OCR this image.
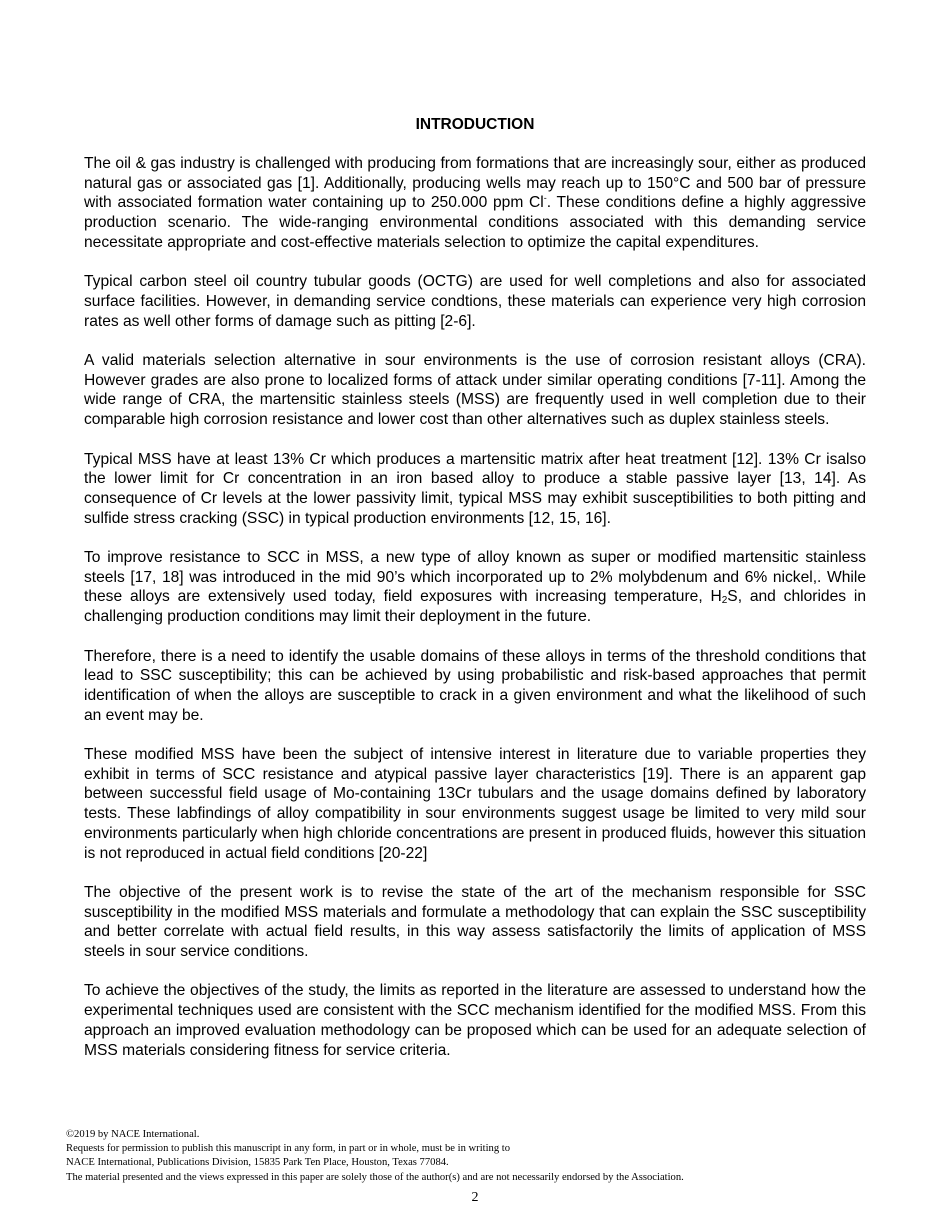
INTRODUCTION

The oil & gas industry is challenged with producing from formations that are increasingly sour, either as produced natural gas or associated gas [1]. Additionally, producing wells may reach up to 150°C and 500 bar of pressure with associated formation water containing up to 250.000 ppm Cl-. These conditions define a highly aggressive production scenario. The wide-ranging environmental conditions associated with this demanding service necessitate appropriate and cost-effective materials selection to optimize the capital expenditures.

Typical carbon steel oil country tubular goods (OCTG) are used for well completions and also for associated surface facilities. However, in demanding service condtions, these materials can experience very high corrosion rates as well other forms of damage such as pitting [2-6].

A valid materials selection alternative in sour environments is the use of corrosion resistant alloys (CRA). However grades are also prone to localized forms of attack under similar operating conditions [7-11]. Among the wide range of CRA, the martensitic stainless steels (MSS) are frequently used in well completion due to their comparable high corrosion resistance and lower cost than other alternatives such as duplex stainless steels.

Typical MSS have at least 13% Cr which produces a martensitic matrix after heat treatment [12]. 13% Cr isalso the lower limit for Cr concentration in an iron based alloy to produce a stable passive layer [13, 14]. As consequence of Cr levels at the lower passivity limit, typical MSS may exhibit susceptibilities to both pitting and sulfide stress cracking (SSC) in typical production environments [12, 15, 16].

To improve resistance to SCC in MSS, a new type of alloy known as super or modified martensitic stainless steels [17, 18] was introduced in the mid 90’s which incorporated up to 2% molybdenum and 6% nickel,. While these alloys are extensively used today, field exposures with increasing temperature, $H_2S$, and chlorides in challenging production conditions may limit their deployment in the future.

Therefore, there is a need to identify the usable domains of these alloys in terms of the threshold conditions that lead to SSC susceptibility; this can be achieved by using probabilistic and risk-based approaches that permit identification of when the alloys are susceptible to crack in a given environment and what the likelihood of such an event may be.

These modified MSS have been the subject of intensive interest in literature due to variable properties they exhibit in terms of SCC resistance and atypical passive layer characteristics [19]. There is an apparent gap between successful field usage of Mo-containing 13Cr tubulars and the usage domains defined by laboratory tests. These labfindings of alloy compatibility in sour environments suggest usage be limited to very mild sour environments particularly when high chloride concentrations are present in produced fluids, however this situation is not reproduced in actual field conditions [20-22]

The objective of the present work is to revise the state of the art of the mechanism responsible for SSC susceptibility in the modified MSS materials and formulate a methodology that can explain the SSC susceptibility and better correlate with actual field results, in this way assess satisfactorily the limits of application of MSS steels in sour service conditions.

To achieve the objectives of the study, the limits as reported in the literature are assessed to understand how the experimental techniques used are consistent with the SCC mechanism identified for the modified MSS. From this approach an improved evaluation methodology can be proposed which can be used for an adequate selection of MSS materials considering fitness for service criteria.

©2019 by NACE International.
Requests for permission to publish this manuscript in any form, in part or in whole, must be in writing to
NACE International, Publications Division, 15835 Park Ten Place, Houston, Texas 77084.
The material presented and the views expressed in this paper are solely those of the author(s) and are not necessarily endorsed by the Association.
2
